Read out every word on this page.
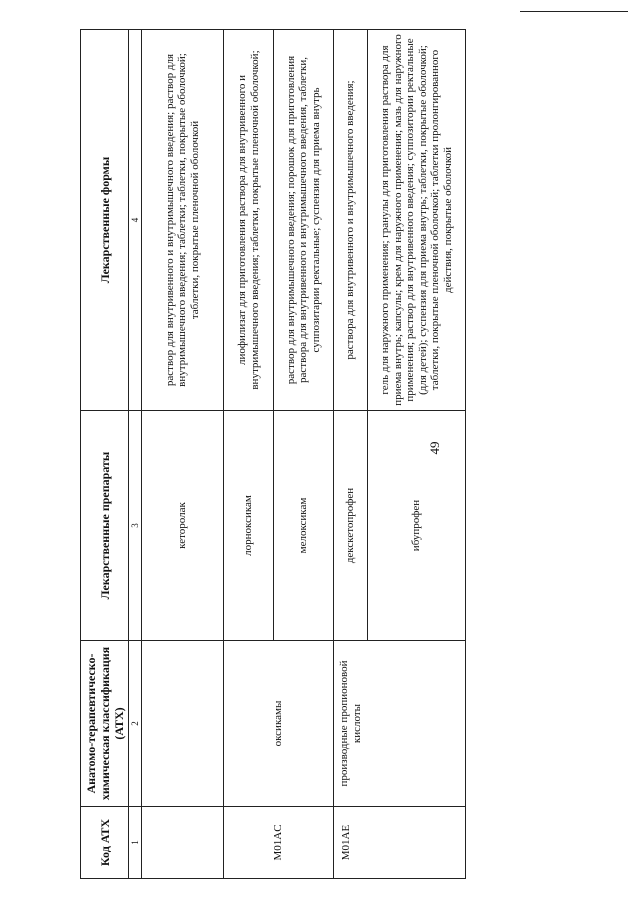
49
Код АТХ	Анатомо-терапевтическо-химическая классификация (АТХ)	Лекарственные препараты	Лекарственные формы
1	2	3	4
		кеторолак	раствор для внутривенного и внутримышечного введения; раствор для внутримышечного введения; таблетки; таблетки, покрытые оболочкой; таблетки, покрытые пленочной оболочкой
M01AC	оксикамы	лорноксикам	лиофилизат для приготовления раствора для внутривенного и внутримышечного введения; таблетки, покрытые пленочной оболочкой;
		мелоксикам	раствор для внутримышечного введения; порошок для приготовления раствора для внутривенного и внутримышечного введения, таблетки, суппозитарии ректальные; суспензия для приема внутрь
M01AE	производные пропионовой кислоты	декскетопрофен	раствора для внутривенного и внутримышечного введения;
		ибупрофен	гель для наружного применения; гранулы для приготовления раствора для приема внутрь; капсулы; крем для наружного применения; мазь для наружного применения; раствор для внутривенного введения; суппозитории ректальные (для детей); суспензия для приема внутрь; таблетки, покрытые оболочкой; таблетки, покрытые пленочной оболочкой; таблетки пролонгированного действия, покрытые оболочкой
